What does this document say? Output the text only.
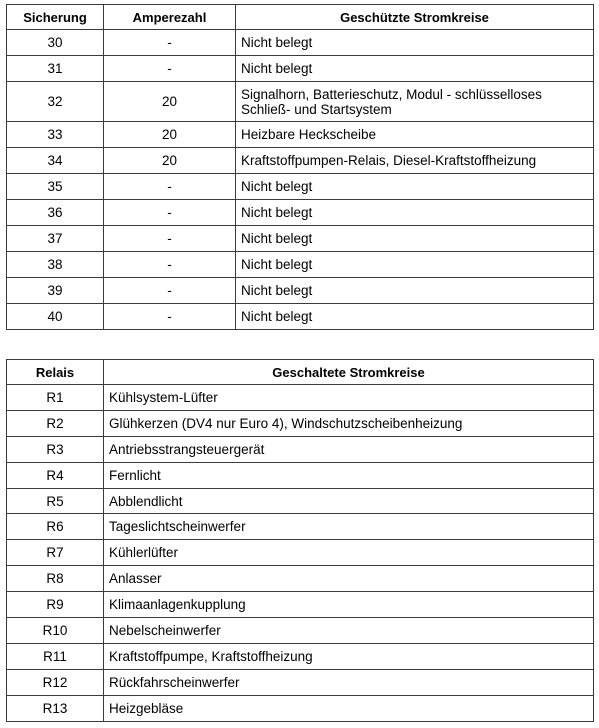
Sicherung	Amperezahl	Geschützte Stromkreise
30	-	Nicht belegt
31	-	Nicht belegt
32	20	Signalhorn, Batterieschutz, Modul - schlüsselloses Schließ- und Startsystem
33	20	Heizbare Heckscheibe
34	20	Kraftstoffpumpen-Relais, Diesel-Kraftstoffheizung
35	-	Nicht belegt
36	-	Nicht belegt
37	-	Nicht belegt
38	-	Nicht belegt
39	-	Nicht belegt
40	-	Nicht belegt
Relais	Geschaltete Stromkreise
R1	Kühlsystem-Lüfter
R2	Glühkerzen (DV4 nur Euro 4), Windschutzscheibenheizung
R3	Antriebsstrangsteuergerät
R4	Fernlicht
R5	Abblendlicht
R6	Tageslichtscheinwerfer
R7	Kühlerlüfter
R8	Anlasser
R9	Klimaanlagenkupplung
R10	Nebelscheinwerfer
R11	Kraftstoffpumpe, Kraftstoffheizung
R12	Rückfahrscheinwerfer
R13	Heizgebläse
